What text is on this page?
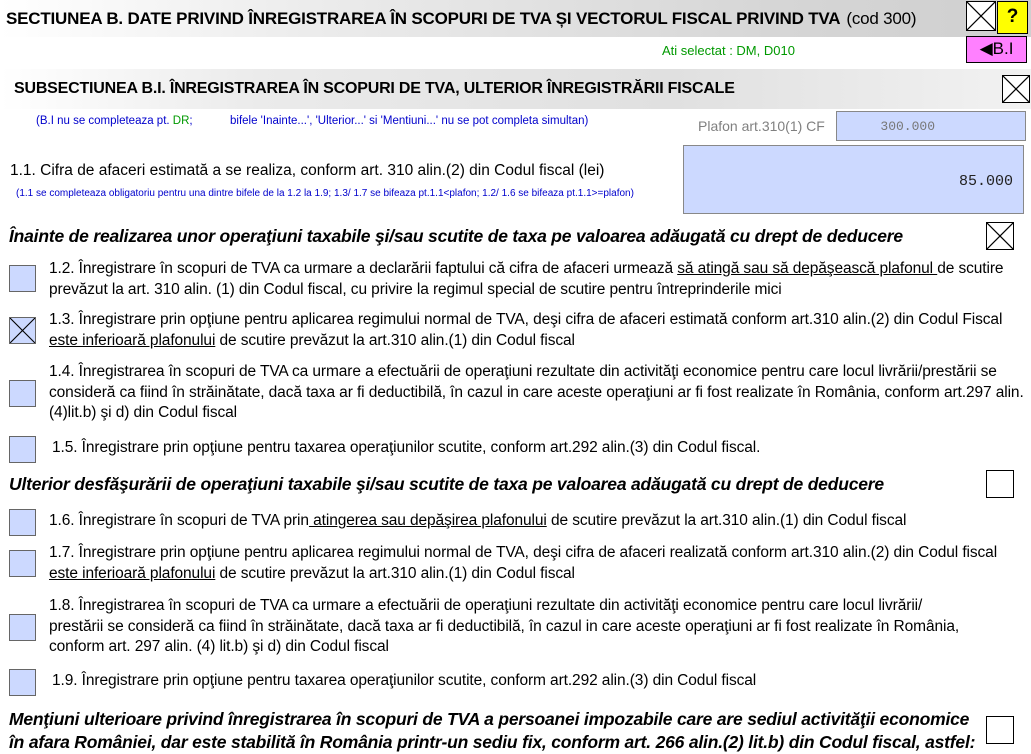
SECTIUNEA B. DATE PRIVIND ÎNREGISTRAREA ÎN SCOPURI DE TVA ȘI VECTORUL FISCAL PRIVIND TVA (cod 300)	?
Ati selectat : DM, D010	◀B.I
SUBSECTIUNEA B.I. ÎNREGISTRAREA ÎN SCOPURI DE TVA, ULTERIOR ÎNREGISTRĂRII FISCALE
(B.I nu se completeaza pt. DR;	bifele 'Inainte...', 'Ulterior...' si 'Mentiuni...' nu se pot completa simultan)	Plafon art.310(1) CF	300.000
1.1. Cifra de afaceri estimată a se realiza, conform art. 310 alin.(2) din Codul fiscal (lei)
(1.1 se completeaza obligatoriu pentru una dintre bifele de la 1.2 la 1.9; 1.3/ 1.7 se bifeaza pt.1.1<plafon; 1.2/ 1.6 se bifeaza pt.1.1>=plafon)
85.000
Înainte de realizarea unor operaţiuni taxabile şi/sau scutite de taxa pe valoarea adăugată cu drept de deducere
1.2. Înregistrare în scopuri de TVA ca urmare a declarării faptului că cifra de afaceri urmează să atingă sau să depăşească plafonul de scutire prevăzut la art. 310 alin. (1) din Codul fiscal, cu privire la regimul special de scutire pentru întreprinderile mici
1.3. Înregistrare prin opţiune pentru aplicarea regimului normal de TVA, deşi cifra de afaceri estimată conform art.310 alin.(2) din Codul Fiscal este inferioară plafonului de scutire prevăzut la art.310 alin.(1) din Codul fiscal
1.4. Înregistrarea în scopuri de TVA ca urmare a efectuării de operaţiuni rezultate din activităţi economice pentru care locul livrării/prestării se consideră ca fiind în străinătate, dacă taxa ar fi deductibilă, în cazul in care aceste operaţiuni ar fi fost realizate în România, conform art.297 alin. (4)lit.b) şi d) din Codul fiscal
1.5. Înregistrare prin opţiune pentru taxarea operaţiunilor scutite, conform art.292 alin.(3) din Codul fiscal.
Ulterior desfăşurării de operaţiuni taxabile şi/sau scutite de taxa pe valoarea adăugată cu drept de deducere
1.6. Înregistrare în scopuri de TVA prin atingerea sau depăşirea plafonului de scutire prevăzut la art.310 alin.(1) din Codul fiscal
1.7. Înregistrare prin opţiune pentru aplicarea regimului normal de TVA, deşi cifra de afaceri realizată conform art.310 alin.(2) din Codul fiscal este inferioară plafonului de scutire prevăzut la art.310 alin.(1) din Codul fiscal
1.8. Înregistrarea în scopuri de TVA ca urmare a efectuării de operaţiuni rezultate din activităţi economice pentru care locul livrării/
prestării se consideră ca fiind în străinătate, dacă taxa ar fi deductibilă, în cazul in care aceste operaţiuni ar fi fost realizate în România,
conform art. 297 alin. (4) lit.b) şi d) din Codul fiscal
1.9. Înregistrare prin opţiune pentru taxarea operaţiunilor scutite, conform art.292 alin.(3) din Codul fiscal
Menţiuni ulterioare privind înregistrarea în scopuri de TVA a persoanei impozabile care are sediul activităţii economice
în afara României, dar este stabilită în România printr-un sediu fix, conform art. 266 alin.(2) lit.b) din Codul fiscal, astfel:
